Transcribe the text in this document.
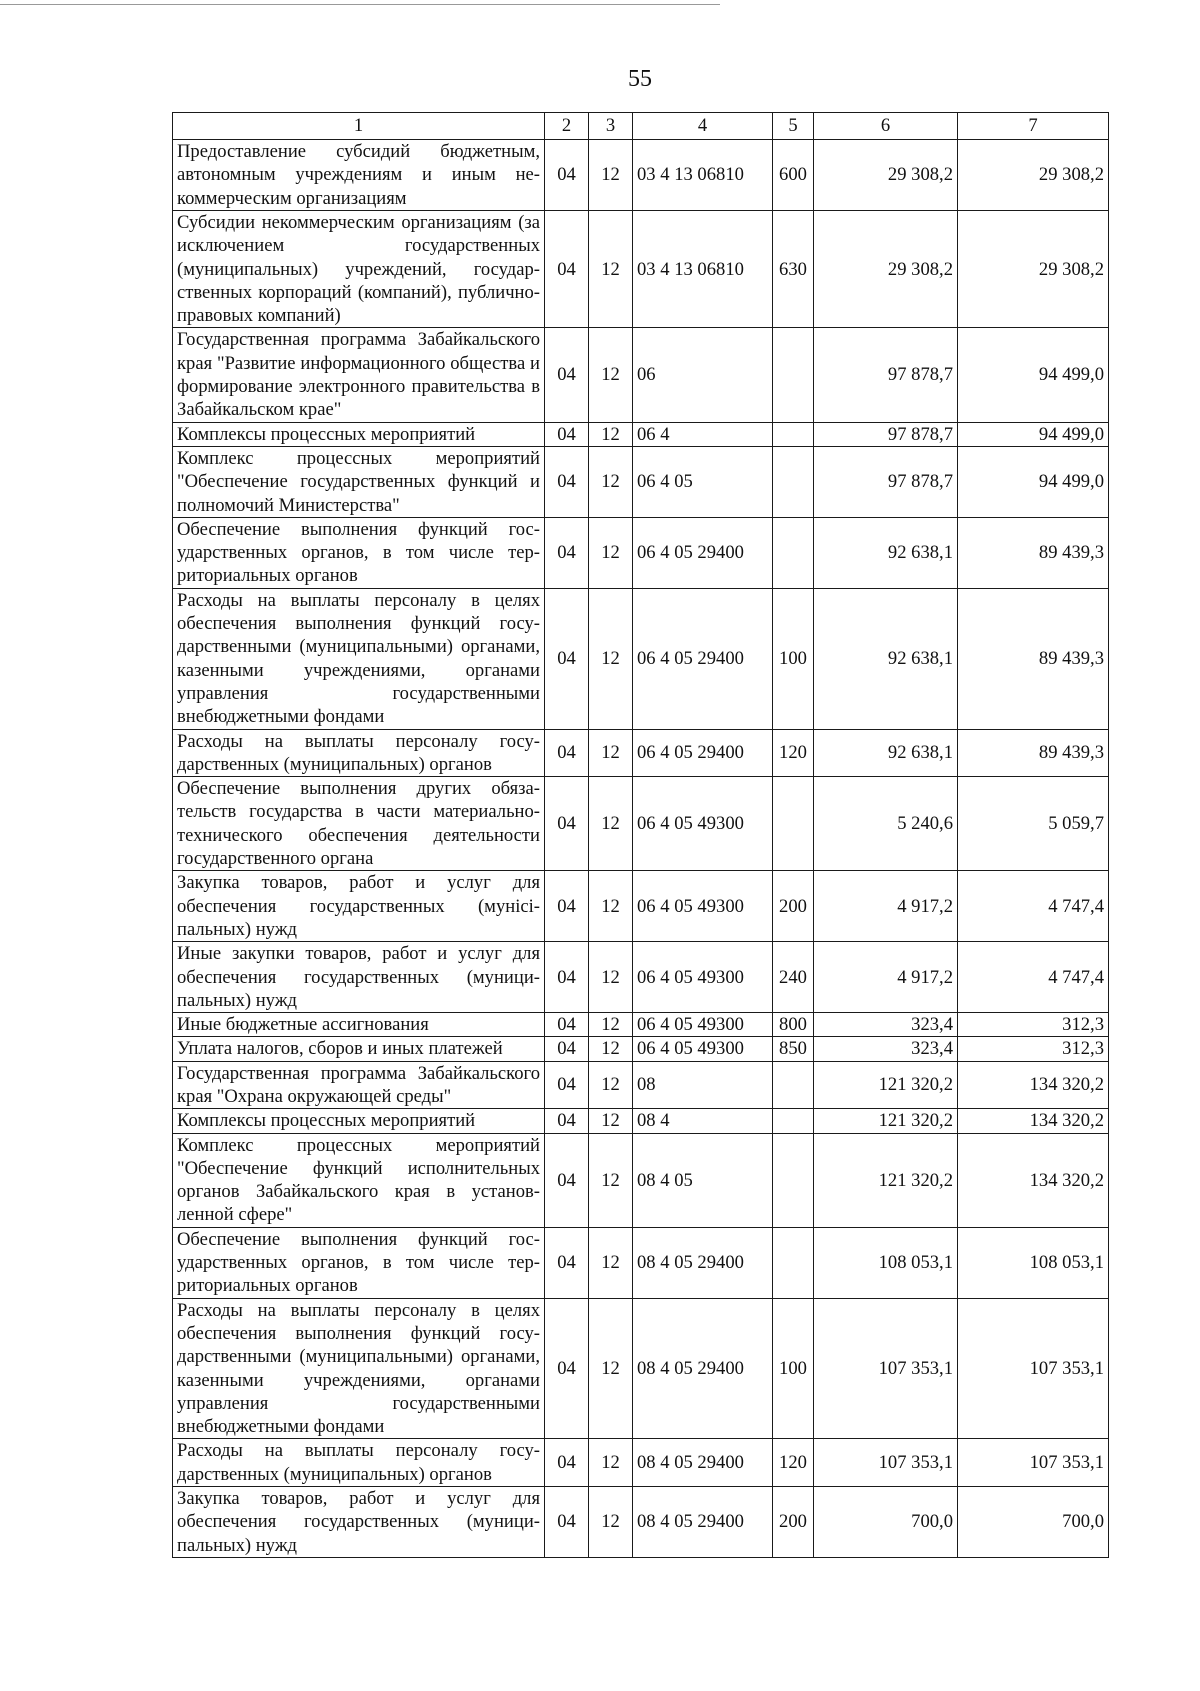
55
1	2	3	4	5	6	7
Предоставление субсидий бюджетным, автономным учреждениям и иным некоммерческим организациям	04	12	03 4 13 06810	600	29 308,2	29 308,2
Субсидии некоммерческим организациям (за исключением государственных (муниципальных) учреждений, государственных корпораций (компаний), публично-правовых компаний)	04	12	03 4 13 06810	630	29 308,2	29 308,2
Государственная программа Забайкальского края "Развитие информационного общества и формирование электронного правительства в Забайкальском крае"	04	12	06		97 878,7	94 499,0
Комплексы процессных мероприятий	04	12	06 4		97 878,7	94 499,0
Комплекс процессных мероприятий "Обеспечение государственных функций и полномочий Министерства"	04	12	06 4 05		97 878,7	94 499,0
Обеспечение выполнения функций государственных органов, в том числе территориальных органов	04	12	06 4 05 29400		92 638,1	89 439,3
Расходы на выплаты персоналу в целях обеспечения выполнения функций государственными (муниципальными) органами, казенными учреждениями, органами управления государственными внебюджетными фондами	04	12	06 4 05 29400	100	92 638,1	89 439,3
Расходы на выплаты персоналу государственных (муниципальных) органов	04	12	06 4 05 29400	120	92 638,1	89 439,3
Обеспечение выполнения других обязательств государства в части материально-технического обеспечения деятельности государственного органа	04	12	06 4 05 49300		5 240,6	5 059,7
Закупка товаров, работ и услуг для обеспечения государственных (мунiciпальных) нужд	04	12	06 4 05 49300	200	4 917,2	4 747,4
Иные закупки товаров, работ и услуг для обеспечения государственных (муниципальных) нужд	04	12	06 4 05 49300	240	4 917,2	4 747,4
Иные бюджетные ассигнования	04	12	06 4 05 49300	800	323,4	312,3
Уплата налогов, сборов и иных платежей	04	12	06 4 05 49300	850	323,4	312,3
Государственная программа Забайкальского края "Охрана окружающей среды"	04	12	08		121 320,2	134 320,2
Комплексы процессных мероприятий	04	12	08 4		121 320,2	134 320,2
Комплекс процессных мероприятий "Обеспечение функций исполнительных органов Забайкальского края в установленной сфере"	04	12	08 4 05		121 320,2	134 320,2
Обеспечение выполнения функций государственных органов, в том числе территориальных органов	04	12	08 4 05 29400		108 053,1	108 053,1
Расходы на выплаты персоналу в целях обеспечения выполнения функций государственными (муниципальными) органами, казенными учреждениями, органами управления государственными внебюджетными фондами	04	12	08 4 05 29400	100	107 353,1	107 353,1
Расходы на выплаты персоналу государственных (муниципальных) органов	04	12	08 4 05 29400	120	107 353,1	107 353,1
Закупка товаров, работ и услуг для обеспечения государственных (муниципальных) нужд	04	12	08 4 05 29400	200	700,0	700,0
